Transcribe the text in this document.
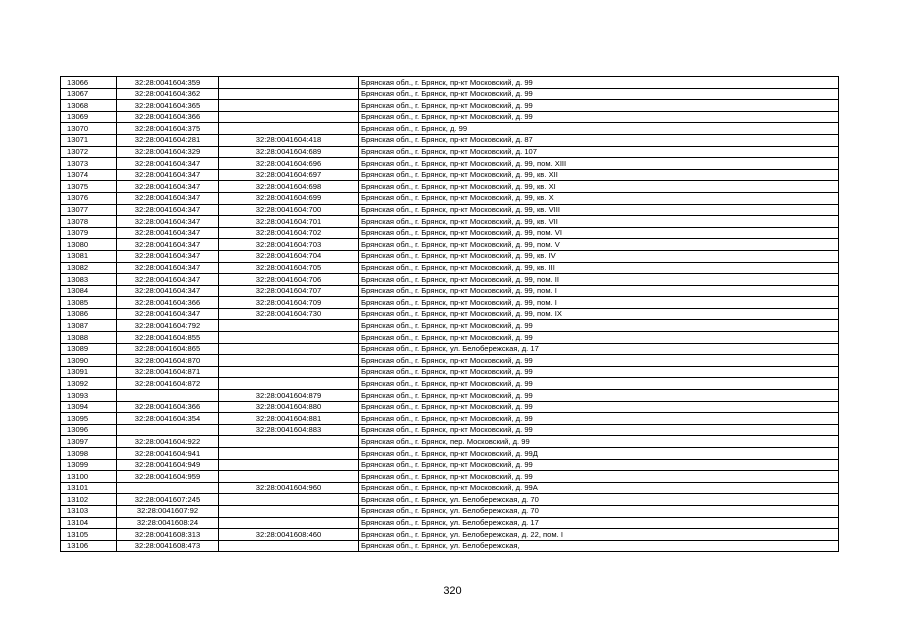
13066	32:28:0041604:359		Брянская обл., г. Брянск, пр-кт Московский, д. 99
13067	32:28:0041604:362		Брянская обл., г. Брянск, пр-кт Московский, д. 99
13068	32:28:0041604:365		Брянская обл., г. Брянск, пр-кт Московский, д. 99
13069	32:28:0041604:366		Брянская обл., г. Брянск, пр-кт Московский, д. 99
13070	32:28:0041604:375		Брянская обл., г. Брянск, д. 99
13071	32:28:0041604:281	32:28:0041604:418	Брянская обл., г. Брянск, пр-кт Московский, д. 87
13072	32:28:0041604:329	32:28:0041604:689	Брянская обл., г. Брянск, пр-кт Московский, д. 107
13073	32:28:0041604:347	32:28:0041604:696	Брянская обл., г. Брянск, пр-кт Московский, д. 99, пом. XIII
13074	32:28:0041604:347	32:28:0041604:697	Брянская обл., г. Брянск, пр-кт Московский, д. 99, кв. XII
13075	32:28:0041604:347	32:28:0041604:698	Брянская обл., г. Брянск, пр-кт Московский, д. 99, кв. XI
13076	32:28:0041604:347	32:28:0041604:699	Брянская обл., г. Брянск, пр-кт Московский, д. 99, кв. X
13077	32:28:0041604:347	32:28:0041604:700	Брянская обл., г. Брянск, пр-кт Московский, д. 99, кв. VIII
13078	32:28:0041604:347	32:28:0041604:701	Брянская обл., г. Брянск, пр-кт Московский, д. 99, кв. VII
13079	32:28:0041604:347	32:28:0041604:702	Брянская обл., г. Брянск, пр-кт Московский, д. 99, пом. VI
13080	32:28:0041604:347	32:28:0041604:703	Брянская обл., г. Брянск, пр-кт Московский, д. 99, пом. V
13081	32:28:0041604:347	32:28:0041604:704	Брянская обл., г. Брянск, пр-кт Московский, д. 99, кв. IV
13082	32:28:0041604:347	32:28:0041604:705	Брянская обл., г. Брянск, пр-кт Московский, д. 99, кв. III
13083	32:28:0041604:347	32:28:0041604:706	Брянская обл., г. Брянск, пр-кт Московский, д. 99, пом. II
13084	32:28:0041604:347	32:28:0041604:707	Брянская обл., г. Брянск, пр-кт Московский, д. 99, пом. I
13085	32:28:0041604:366	32:28:0041604:709	Брянская обл., г. Брянск, пр-кт Московский, д. 99, пом. I
13086	32:28:0041604:347	32:28:0041604:730	Брянская обл., г. Брянск, пр-кт Московский, д. 99, пом. IX
13087	32:28:0041604:792		Брянская обл., г. Брянск, пр-кт Московский, д. 99
13088	32:28:0041604:855		Брянская обл., г. Брянск, пр-кт Московский, д. 99
13089	32:28:0041604:865		Брянская обл., г. Брянск, ул. Белобережская, д. 17
13090	32:28:0041604:870		Брянская обл., г. Брянск, пр-кт Московский, д. 99
13091	32:28:0041604:871		Брянская обл., г. Брянск, пр-кт Московский, д. 99
13092	32:28:0041604:872		Брянская обл., г. Брянск, пр-кт Московский, д. 99
13093		32:28:0041604:879	Брянская обл., г. Брянск, пр-кт Московский, д. 99
13094	32:28:0041604:366	32:28:0041604:880	Брянская обл., г. Брянск, пр-кт Московский, д. 99
13095	32:28:0041604:354	32:28:0041604:881	Брянская обл., г. Брянск, пр-кт Московский, д. 99
13096		32:28:0041604:883	Брянская обл., г. Брянск, пр-кт Московский, д. 99
13097	32:28:0041604:922		Брянская обл., г. Брянск, пер. Московский, д. 99
13098	32:28:0041604:941		Брянская обл., г. Брянск, пр-кт Московский, д. 99Д
13099	32:28:0041604:949		Брянская обл., г. Брянск, пр-кт Московский, д. 99
13100	32:28:0041604:959		Брянская обл., г. Брянск, пр-кт Московский, д. 99
13101		32:28:0041604:960	Брянская обл., г. Брянск, пр-кт Московский, д. 99А
13102	32:28:0041607:245		Брянская обл., г. Брянск, ул. Белобережская, д. 70
13103	32:28:0041607:92		Брянская обл., г. Брянск, ул. Белобережская, д. 70
13104	32:28:0041608:24		Брянская обл., г. Брянск, ул. Белобережская, д. 17
13105	32:28:0041608:313	32:28:0041608:460	Брянская обл., г. Брянск, ул. Белобережская, д. 22, пом. I
13106	32:28:0041608:473		Брянская обл., г. Брянск, ул. Белобережская,
320
